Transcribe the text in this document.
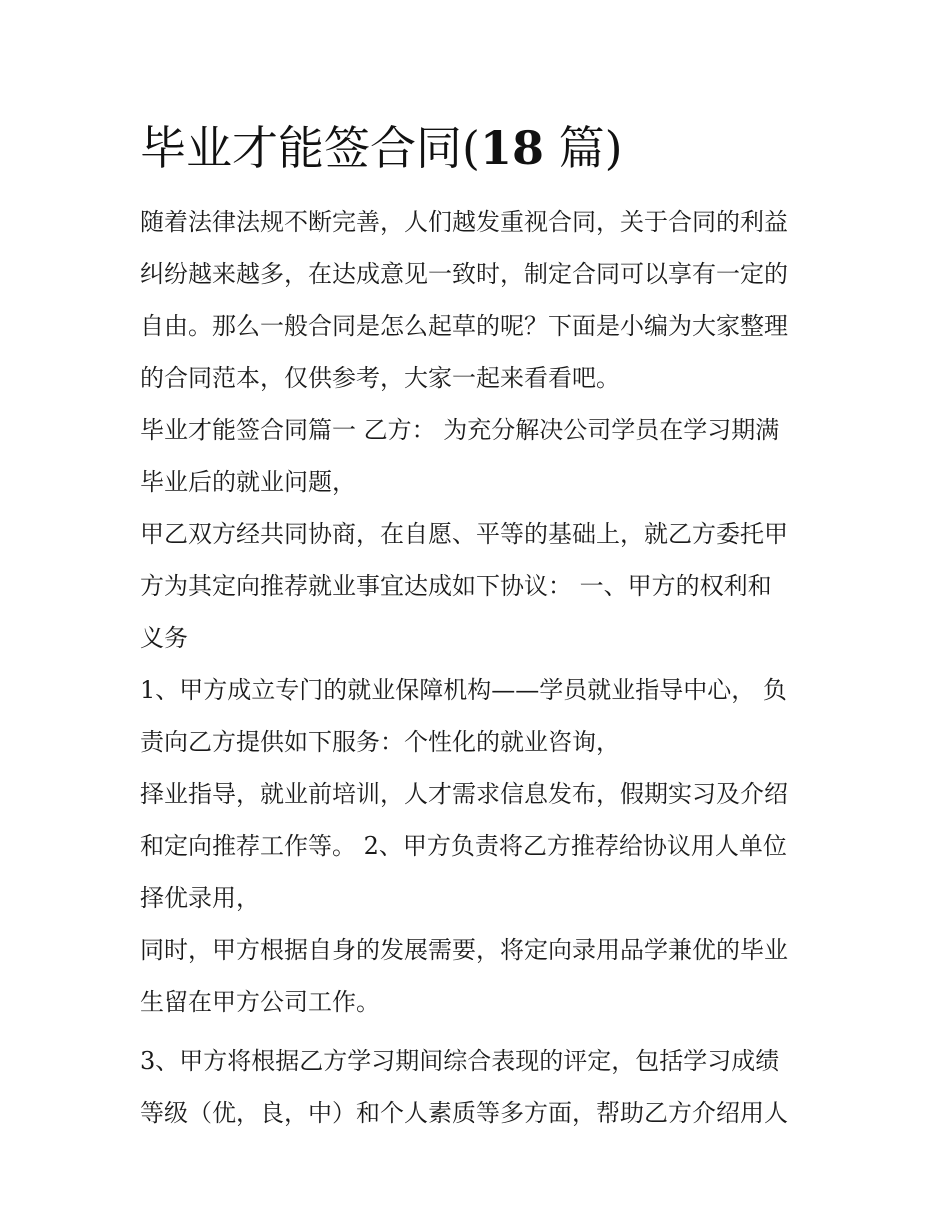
毕业才能签合同(18 篇)
随着法律法规不断完善，人们越发重视合同，关于合同的利益
纠纷越来越多，在达成意见一致时，制定合同可以享有一定的
自由。那么一般合同是怎么起草的呢？下面是小编为大家整理
的合同范本，仅供参考，大家一起来看看吧。
毕业才能签合同篇一 乙方： 为充分解决公司学员在学习期满
毕业后的就业问题，
甲乙双方经共同协商，在自愿、平等的基础上，就乙方委托甲
方为其定向推荐就业事宜达成如下协议： 一、甲方的权利和
义务
1、甲方成立专门的就业保障机构——学员就业指导中心， 负
责向乙方提供如下服务：个性化的就业咨询，
择业指导，就业前培训，人才需求信息发布，假期实习及介绍
和定向推荐工作等。 2、甲方负责将乙方推荐给协议用人单位
择优录用，
同时，甲方根据自身的发展需要，将定向录用品学兼优的毕业
生留在甲方公司工作。
3、甲方将根据乙方学习期间综合表现的评定，包括学习成绩
等级（优，良，中）和个人素质等多方面，帮助乙方介绍用人
